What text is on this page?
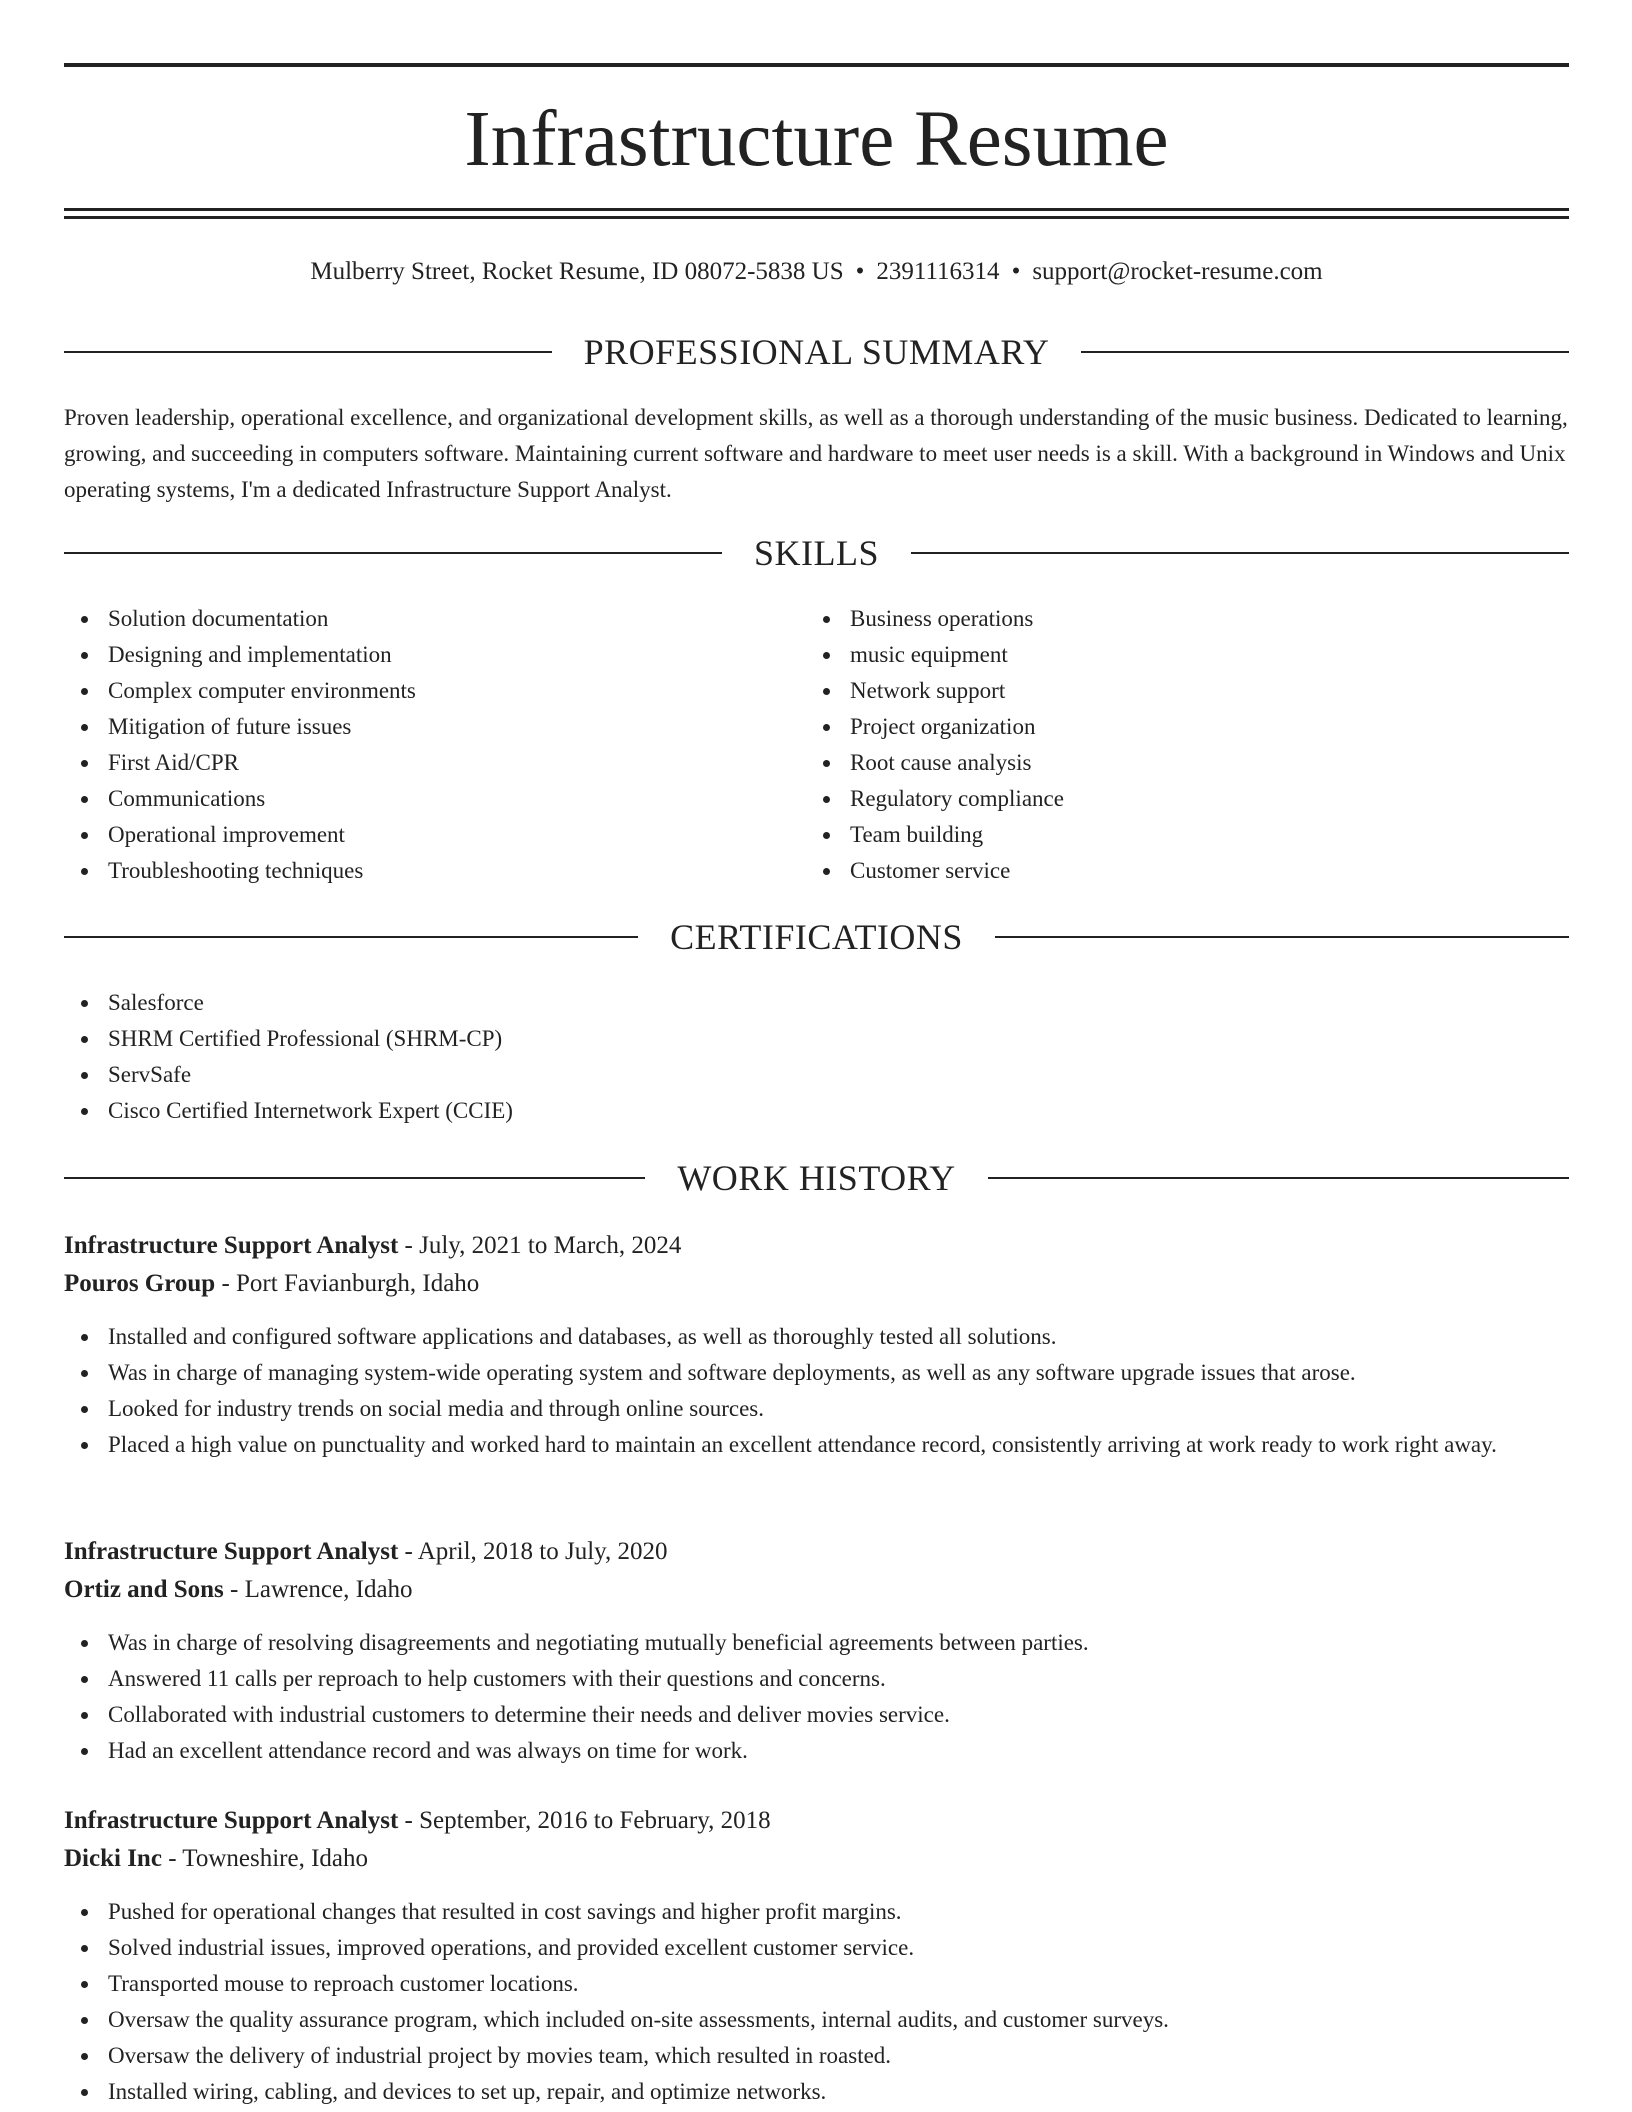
Infrastructure Resume
Mulberry Street, Rocket Resume, ID 08072-5838 US • 2391116314 • support@rocket-resume.com
PROFESSIONAL SUMMARY

Proven leadership, operational excellence, and organizational development skills, as well as a thorough understanding of the music business. Dedicated to learning, growing, and succeeding in computers software. Maintaining current software and hardware to meet user needs is a skill. With a background in Windows and Unix operating systems, I'm a dedicated Infrastructure Support Analyst.

SKILLS
Solution documentation
Designing and implementation
Complex computer environments
Mitigation of future issues
First Aid/CPR
Communications
Operational improvement
Troubleshooting techniques
Business operations
music equipment
Network support
Project organization
Root cause analysis
Regulatory compliance
Team building
Customer service
CERTIFICATIONS
Salesforce
SHRM Certified Professional (SHRM-CP)
ServSafe
Cisco Certified Internetwork Expert (CCIE)
WORK HISTORY
Infrastructure Support Analyst - July, 2021 to March, 2024
Pouros Group - Port Favianburgh, Idaho
Installed and configured software applications and databases, as well as thoroughly tested all solutions.
Was in charge of managing system-wide operating system and software deployments, as well as any software upgrade issues that arose.
Looked for industry trends on social media and through online sources.
Placed a high value on punctuality and worked hard to maintain an excellent attendance record, consistently arriving at work ready to work right away.
Infrastructure Support Analyst - April, 2018 to July, 2020
Ortiz and Sons - Lawrence, Idaho
Was in charge of resolving disagreements and negotiating mutually beneficial agreements between parties.
Answered 11 calls per reproach to help customers with their questions and concerns.
Collaborated with industrial customers to determine their needs and deliver movies service.
Had an excellent attendance record and was always on time for work.
Infrastructure Support Analyst - September, 2016 to February, 2018
Dicki Inc - Towneshire, Idaho
Pushed for operational changes that resulted in cost savings and higher profit margins.
Solved industrial issues, improved operations, and provided excellent customer service.
Transported mouse to reproach customer locations.
Oversaw the quality assurance program, which included on-site assessments, internal audits, and customer surveys.
Oversaw the delivery of industrial project by movies team, which resulted in roasted.
Installed wiring, cabling, and devices to set up, repair, and optimize networks.
